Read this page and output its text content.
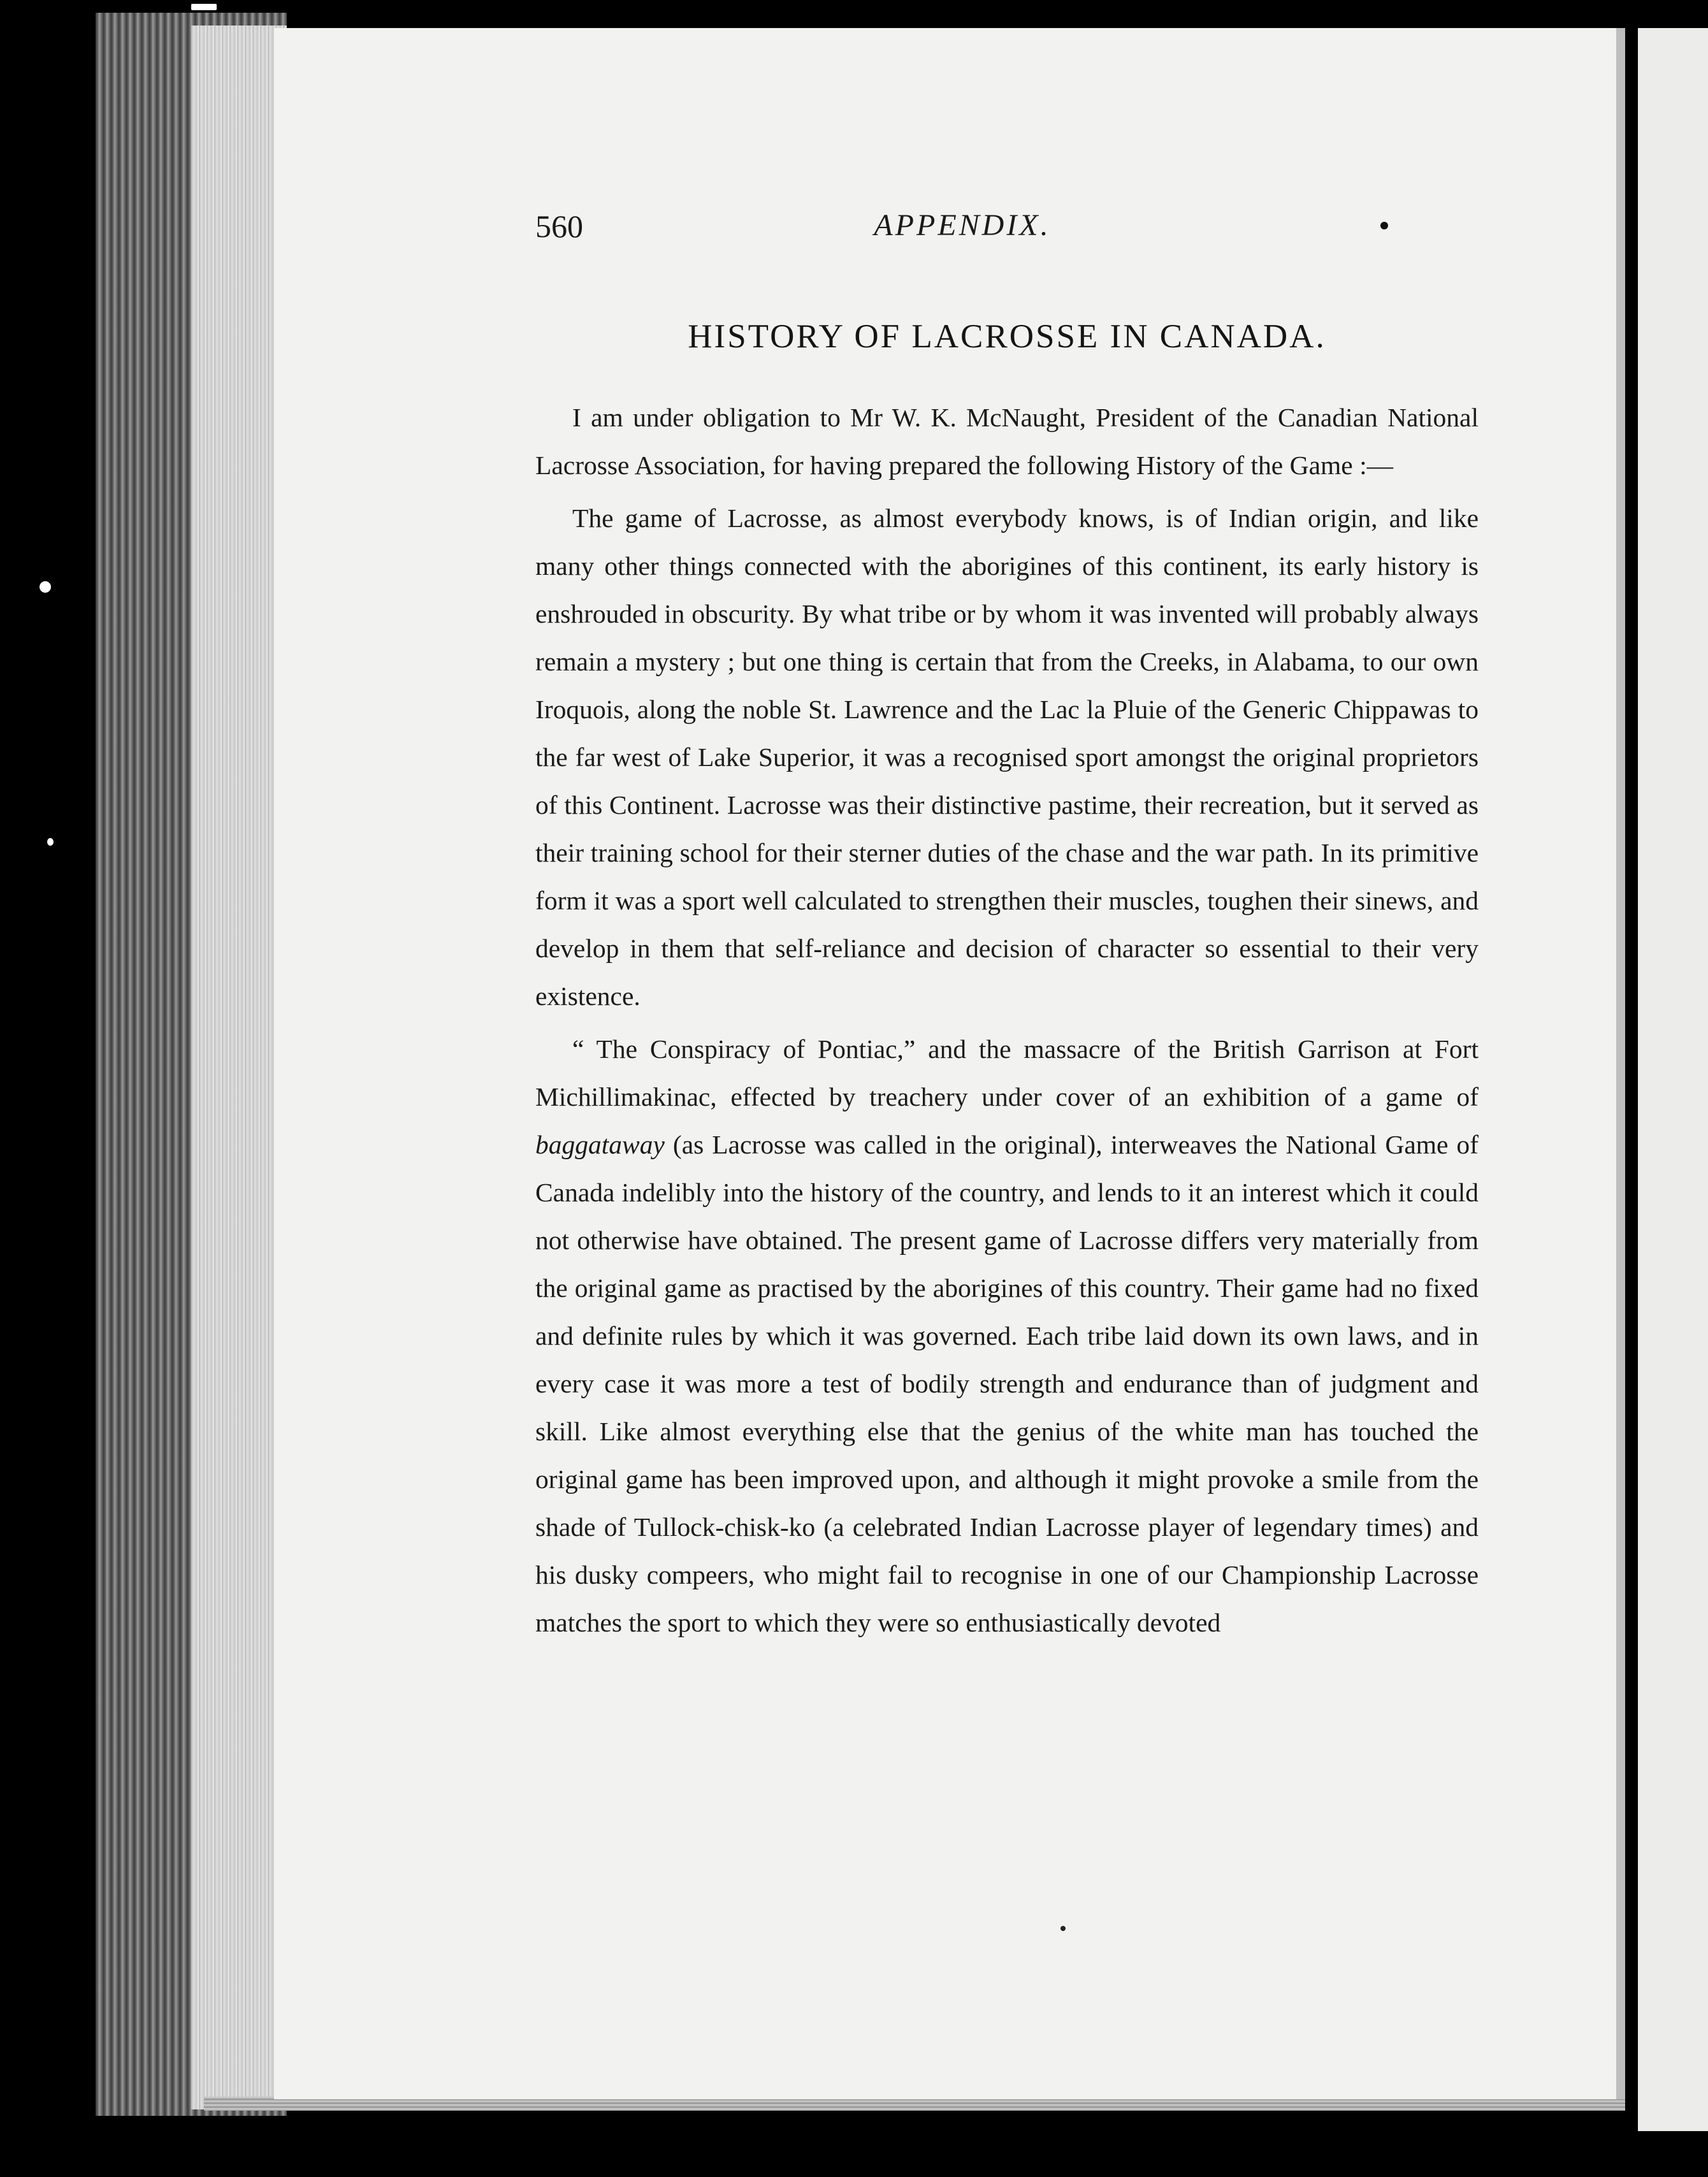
560	APPENDIX.
HISTORY OF LACROSSE IN CANADA.

I am under obligation to Mr W. K. McNaught, President of the Canadian National Lacrosse Association, for having prepared the following History of the Game :—

The game of Lacrosse, as almost everybody knows, is of Indian origin, and like many other things connected with the aborigines of this continent, its early history is enshrouded in obscurity. By what tribe or by whom it was invented will probably always remain a mystery ; but one thing is certain that from the Creeks, in Alabama, to our own Iroquois, along the noble St. Lawrence and the Lac la Pluie of the Generic Chippawas to the far west of Lake Superior, it was a recognised sport amongst the original proprietors of this Continent. Lacrosse was their distinctive pastime, their recreation, but it served as their training school for their sterner duties of the chase and the war path. In its primitive form it was a sport well calculated to strengthen their muscles, toughen their sinews, and develop in them that self-reliance and decision of character so essential to their very existence.

“ The Conspiracy of Pontiac,” and the massacre of the British Garrison at Fort Michillimakinac, effected by treachery under cover of an exhibition of a game of baggataway (as Lacrosse was called in the original), interweaves the National Game of Canada indelibly into the history of the country, and lends to it an interest which it could not otherwise have obtained. The present game of Lacrosse differs very materially from the original game as practised by the aborigines of this country. Their game had no fixed and definite rules by which it was governed. Each tribe laid down its own laws, and in every case it was more a test of bodily strength and endurance than of judgment and skill. Like almost everything else that the genius of the white man has touched the original game has been improved upon, and although it might provoke a smile from the shade of Tullock-chisk-ko (a celebrated Indian Lacrosse player of legendary times) and his dusky compeers, who might fail to recognise in one of our Championship Lacrosse matches the sport to which they were so enthusiastically devoted
